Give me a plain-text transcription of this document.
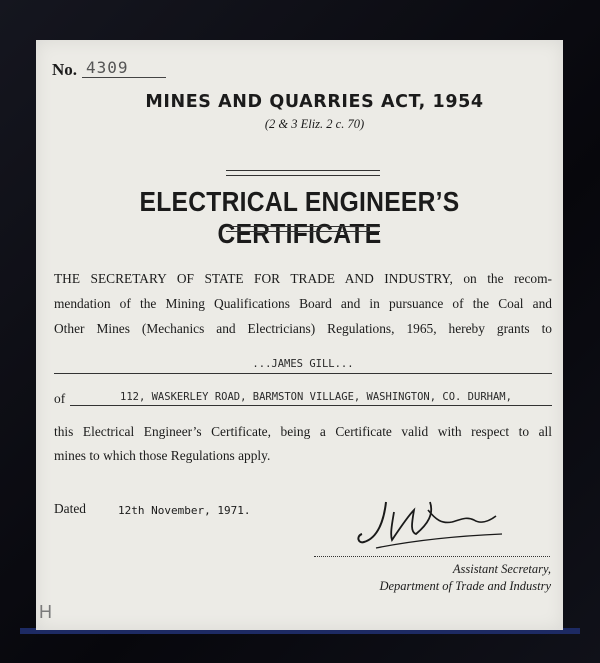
No. 4309
MINES AND QUARRIES ACT, 1954
(2 & 3 Eliz. 2 c. 70)
ELECTRICAL ENGINEER’S CERTIFICATE
THE SECRETARY OF STATE FOR TRADE AND INDUSTRY, on the recom-
mendation of the Mining Qualifications Board and in pursuance of the Coal and
Other Mines (Mechanics and Electricians) Regulations, 1965, hereby grants to
...JAMES GILL...
of	112, WASKERLEY ROAD, BARMSTON VILLAGE, WASHINGTON, CO. DURHAM,
this Electrical Engineer’s Certificate, being a Certificate valid with respect to all
mines to which those Regulations apply.
Dated	12th November, 1971.
Assistant Secretary,
Department of Trade and Industry
H
